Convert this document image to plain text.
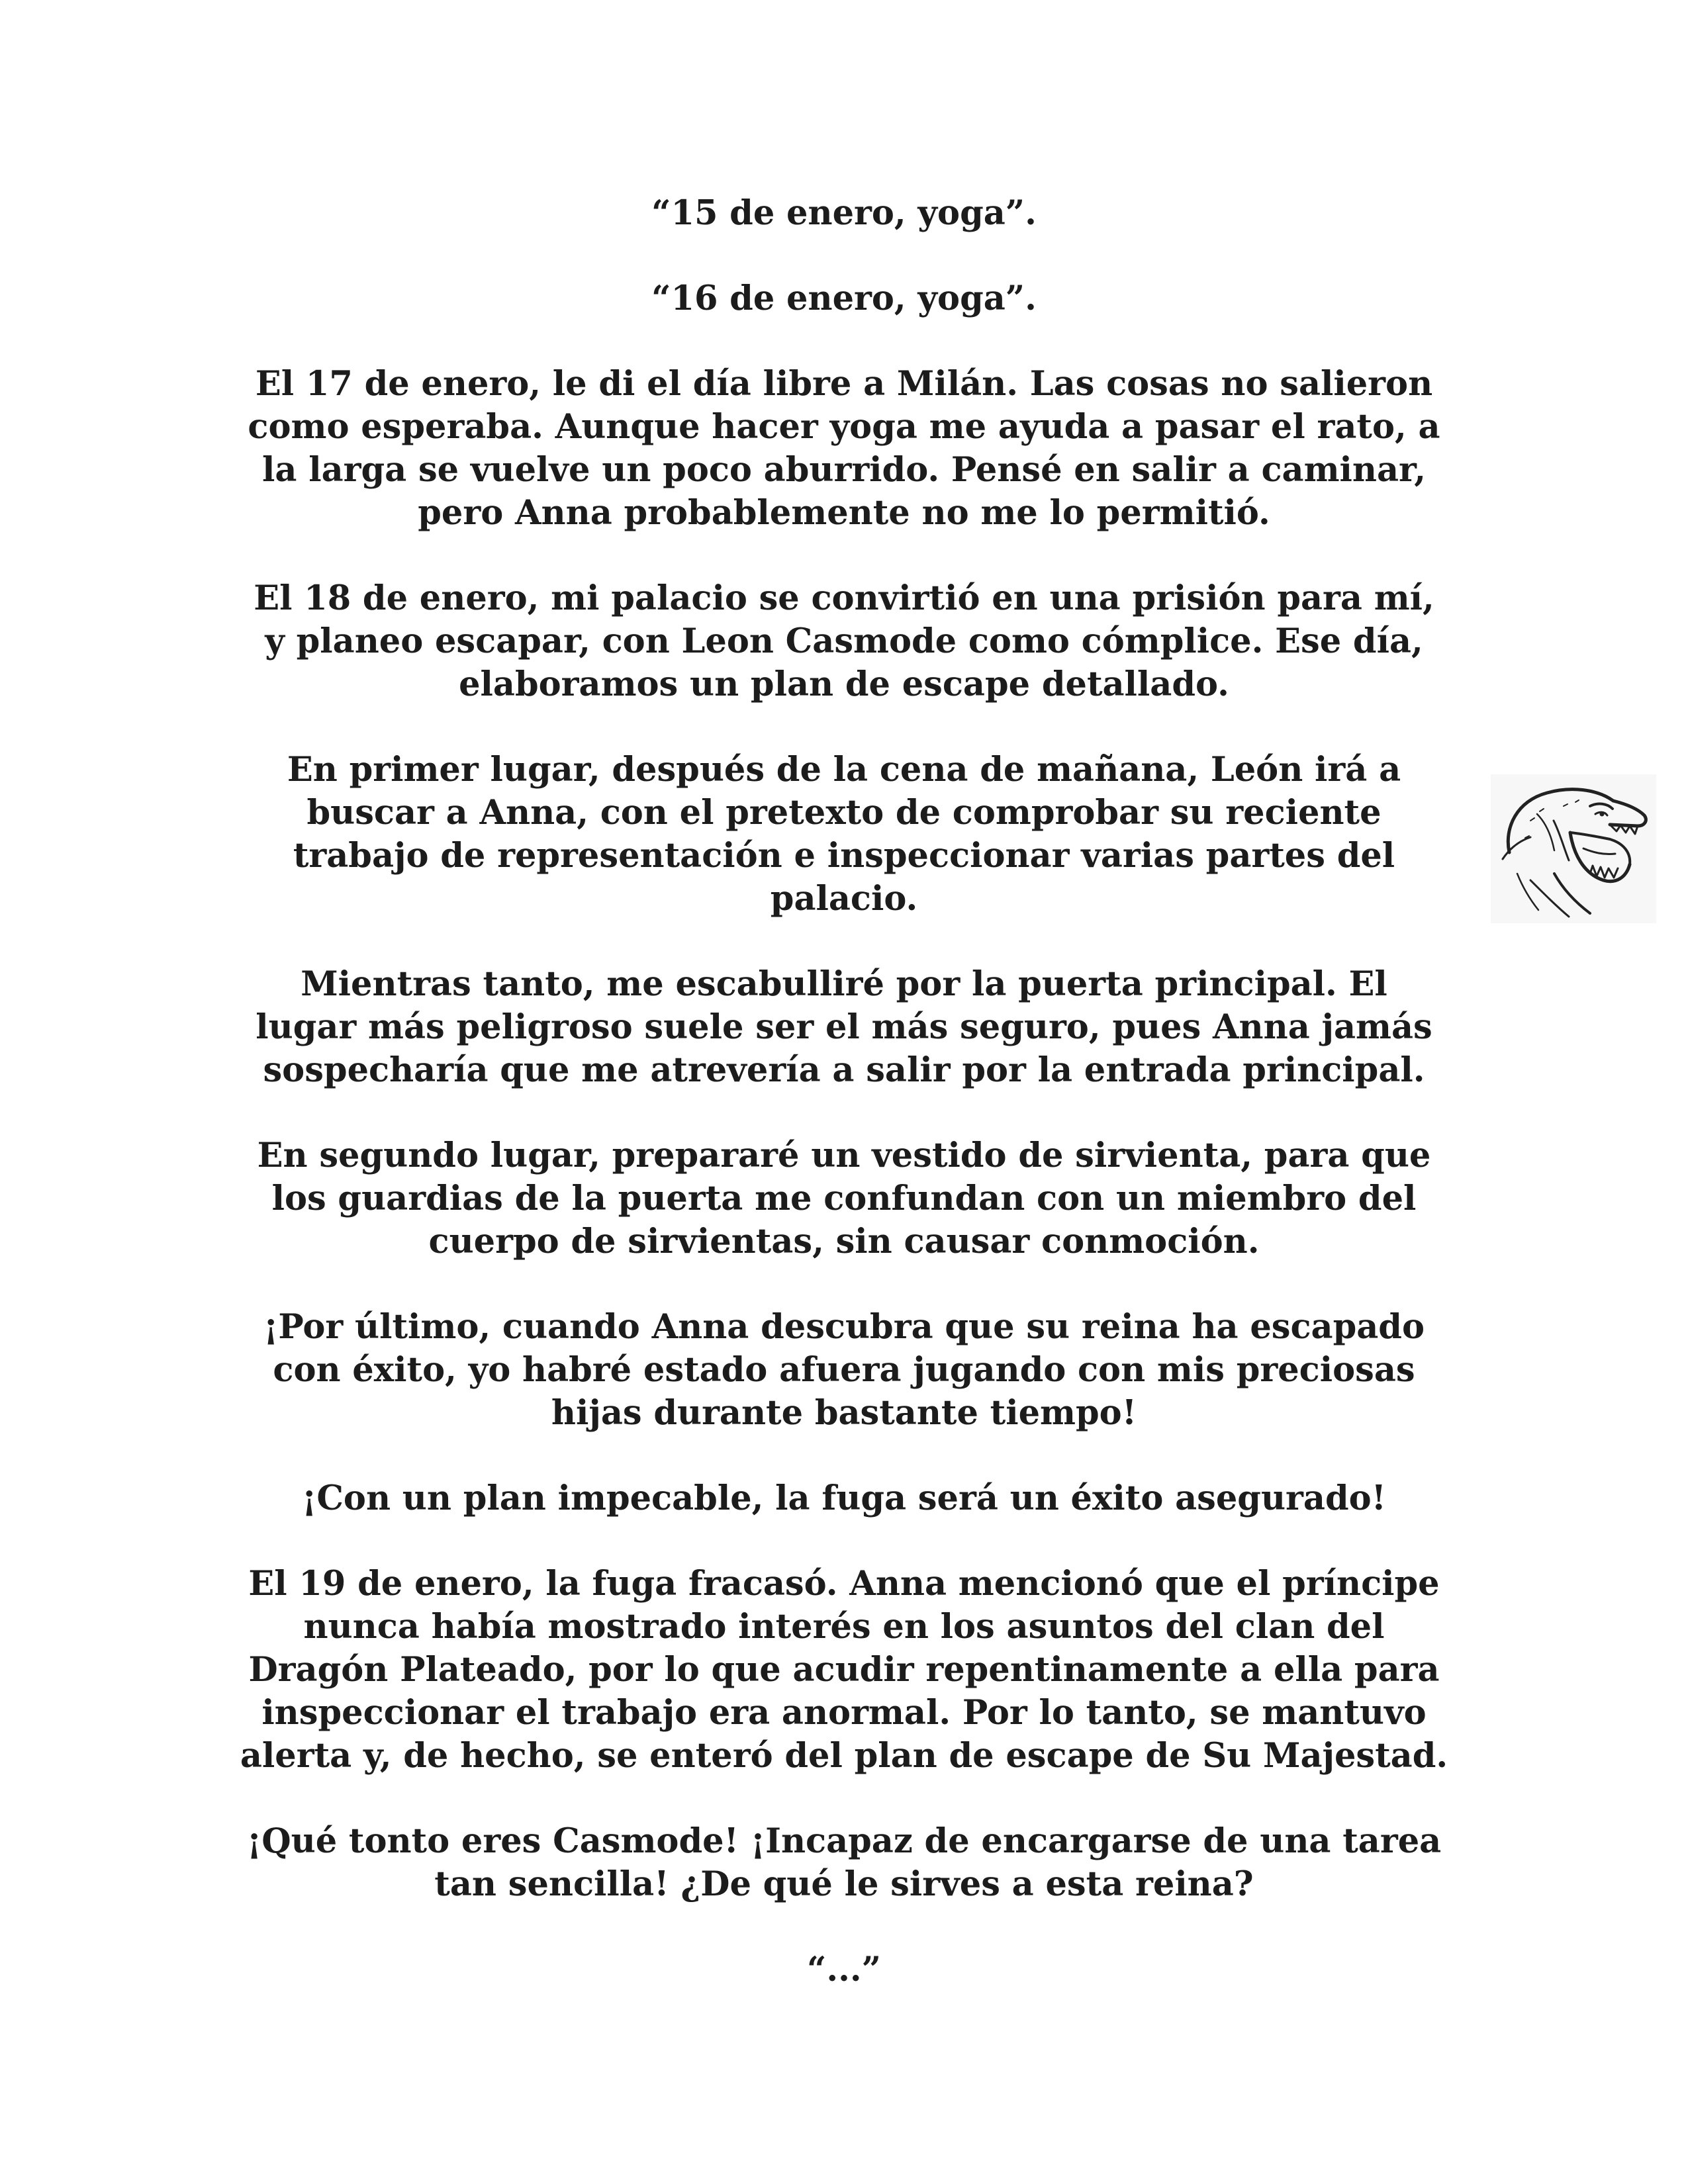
“15 de enero, yoga”.

“16 de enero, yoga”.

El 17 de enero, le di el día libre a Milán. Las cosas no salieron
como esperaba. Aunque hacer yoga me ayuda a pasar el rato, a
la larga se vuelve un poco aburrido. Pensé en salir a caminar,
pero Anna probablemente no me lo permitió.

El 18 de enero, mi palacio se convirtió en una prisión para mí,
y planeo escapar, con Leon Casmode como cómplice. Ese día,
elaboramos un plan de escape detallado.

En primer lugar, después de la cena de mañana, León irá a
buscar a Anna, con el pretexto de comprobar su reciente
trabajo de representación e inspeccionar varias partes del
palacio.

Mientras tanto, me escabulliré por la puerta principal. El
lugar más peligroso suele ser el más seguro, pues Anna jamás
sospecharía que me atrevería a salir por la entrada principal.

En segundo lugar, prepararé un vestido de sirvienta, para que
los guardias de la puerta me confundan con un miembro del
cuerpo de sirvientas, sin causar conmoción.

¡Por último, cuando Anna descubra que su reina ha escapado
con éxito, yo habré estado afuera jugando con mis preciosas
hijas durante bastante tiempo!

¡Con un plan impecable, la fuga será un éxito asegurado!

El 19 de enero, la fuga fracasó. Anna mencionó que el príncipe
nunca había mostrado interés en los asuntos del clan del
Dragón Plateado, por lo que acudir repentinamente a ella para
inspeccionar el trabajo era anormal. Por lo tanto, se mantuvo
alerta y, de hecho, se enteró del plan de escape de Su Majestad.

¡Qué tonto eres Casmode! ¡Incapaz de encargarse de una tarea
tan sencilla! ¿De qué le sirves a esta reina?

“...”
